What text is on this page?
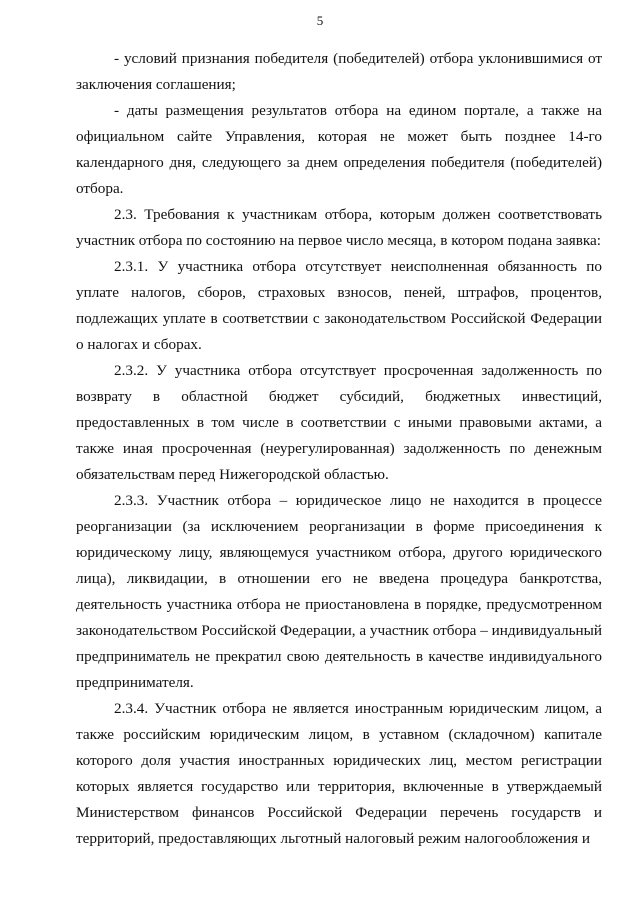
5

- условий признания победителя (победителей) отбора уклонившимися от заключения соглашения;

- даты размещения результатов отбора на едином портале, а также на официальном сайте Управления, которая не может быть позднее 14-го календарного дня, следующего за днем определения победителя (победителей) отбора.

2.3. Требования к участникам отбора, которым должен соответствовать участник отбора по состоянию на первое число месяца, в котором подана заявка:

2.3.1. У участника отбора отсутствует неисполненная обязанность по уплате налогов, сборов, страховых взносов, пеней, штрафов, процентов, подлежащих уплате в соответствии с законодательством Российской Федерации о налогах и сборах.

2.3.2. У участника отбора отсутствует просроченная задолженность по возврату в областной бюджет субсидий, бюджетных инвестиций, предоставленных в том числе в соответствии с иными правовыми актами, а также иная просроченная (неурегулированная) задолженность по денежным обязательствам перед Нижегородской областью.

2.3.3. Участник отбора – юридическое лицо не находится в процессе реорганизации (за исключением реорганизации в форме присоединения к юридическому лицу, являющемуся участником отбора, другого юридического лица), ликвидации, в отношении его не введена процедура банкротства, деятельность участника отбора не приостановлена в порядке, предусмотренном законодательством Российской Федерации, а участник отбора – индивидуальный предприниматель не прекратил свою деятельность в качестве индивидуального предпринимателя.

2.3.4. Участник отбора не является иностранным юридическим лицом, а также российским юридическим лицом, в уставном (складочном) капитале которого доля участия иностранных юридических лиц, местом регистрации которых является государство или территория, включенные в утверждаемый Министерством финансов Российской Федерации перечень государств и территорий, предоставляющих льготный налоговый режим налогообложения и
